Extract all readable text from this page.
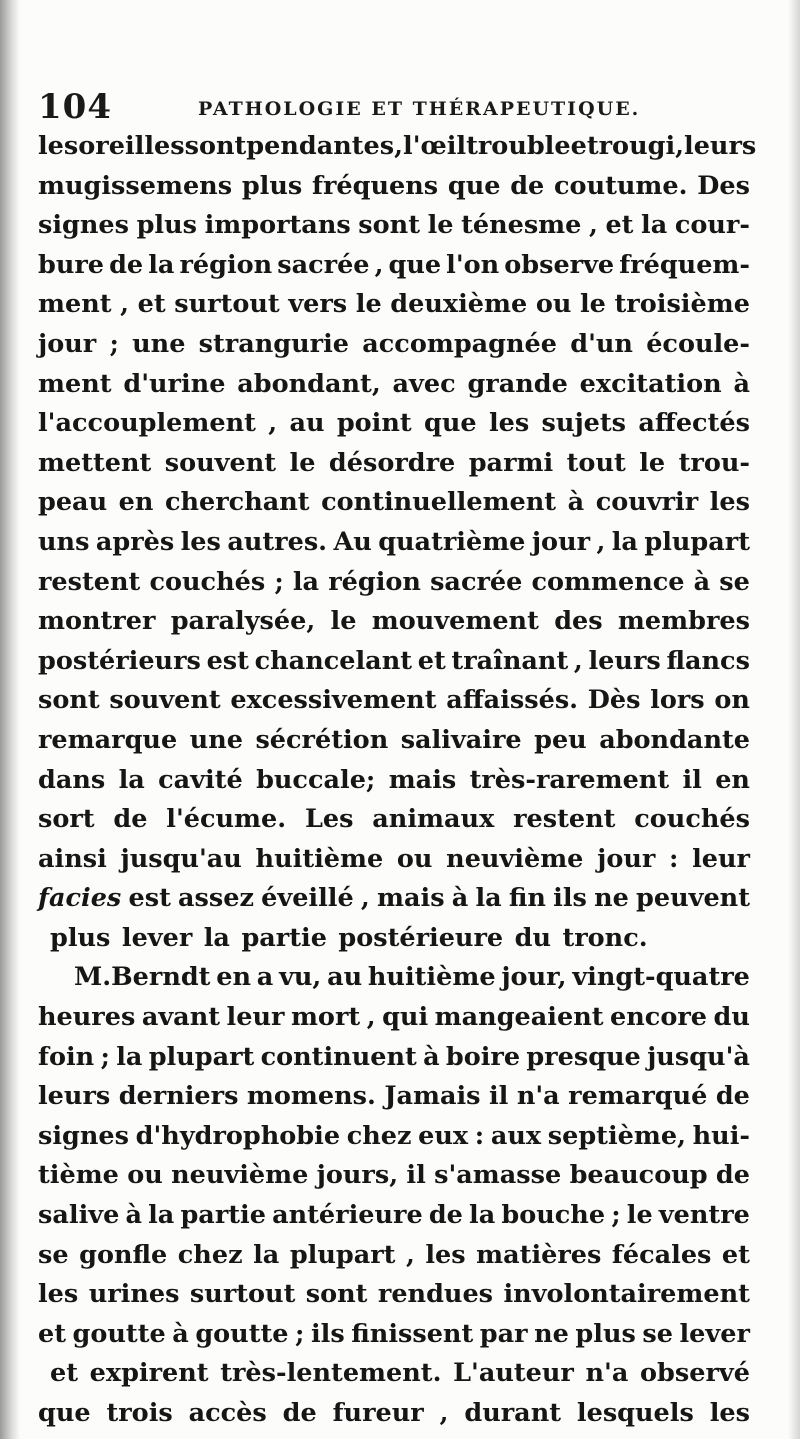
104	PATHOLOGIE ET THÉRAPEUTIQUE.
les oreilles sont pendantes, l'œil trouble et rougi, leurs
mugissemens plus fréquens que de coutume. Des
signes plus importans sont le ténesme , et la cour-
bure de la région sacrée , que l'on observe fréquem-
ment , et surtout vers le deuxième ou le troisième
jour ; une strangurie accompagnée d'un écoule-
ment d'urine abondant, avec grande excitation à
l'accouplement , au point que les sujets affectés
mettent souvent le désordre parmi tout le trou-
peau en cherchant continuellement à couvrir les
uns après les autres. Au quatrième jour , la plupart
restent couchés ; la région sacrée commence à se
montrer paralysée, le mouvement des membres
postérieurs est chancelant et traînant , leurs flancs
sont souvent excessivement affaissés. Dès lors on
remarque une sécrétion salivaire peu abondante
dans la cavité buccale; mais très-rarement il en
sort de l'écume. Les animaux restent couchés
ainsi jusqu'au huitième ou neuvième jour : leur
facies est assez éveillé , mais à la fin ils ne peuvent
plus lever la partie postérieure du tronc.
M.Berndt en a vu, au huitième jour, vingt-quatre
heures avant leur mort , qui mangeaient encore du
foin ; la plupart continuent à boire presque jusqu'à
leurs derniers momens. Jamais il n'a remarqué de
signes d'hydrophobie chez eux : aux septième, hui-
tième ou neuvième jours, il s'amasse beaucoup de
salive à la partie antérieure de la bouche ; le ventre
se gonfle chez la plupart , les matières fécales et
les urines surtout sont rendues involontairement
et goutte à goutte ; ils finissent par ne plus se lever
et expirent très-lentement. L'auteur n'a observé
que trois accès de fureur , durant lesquels les
